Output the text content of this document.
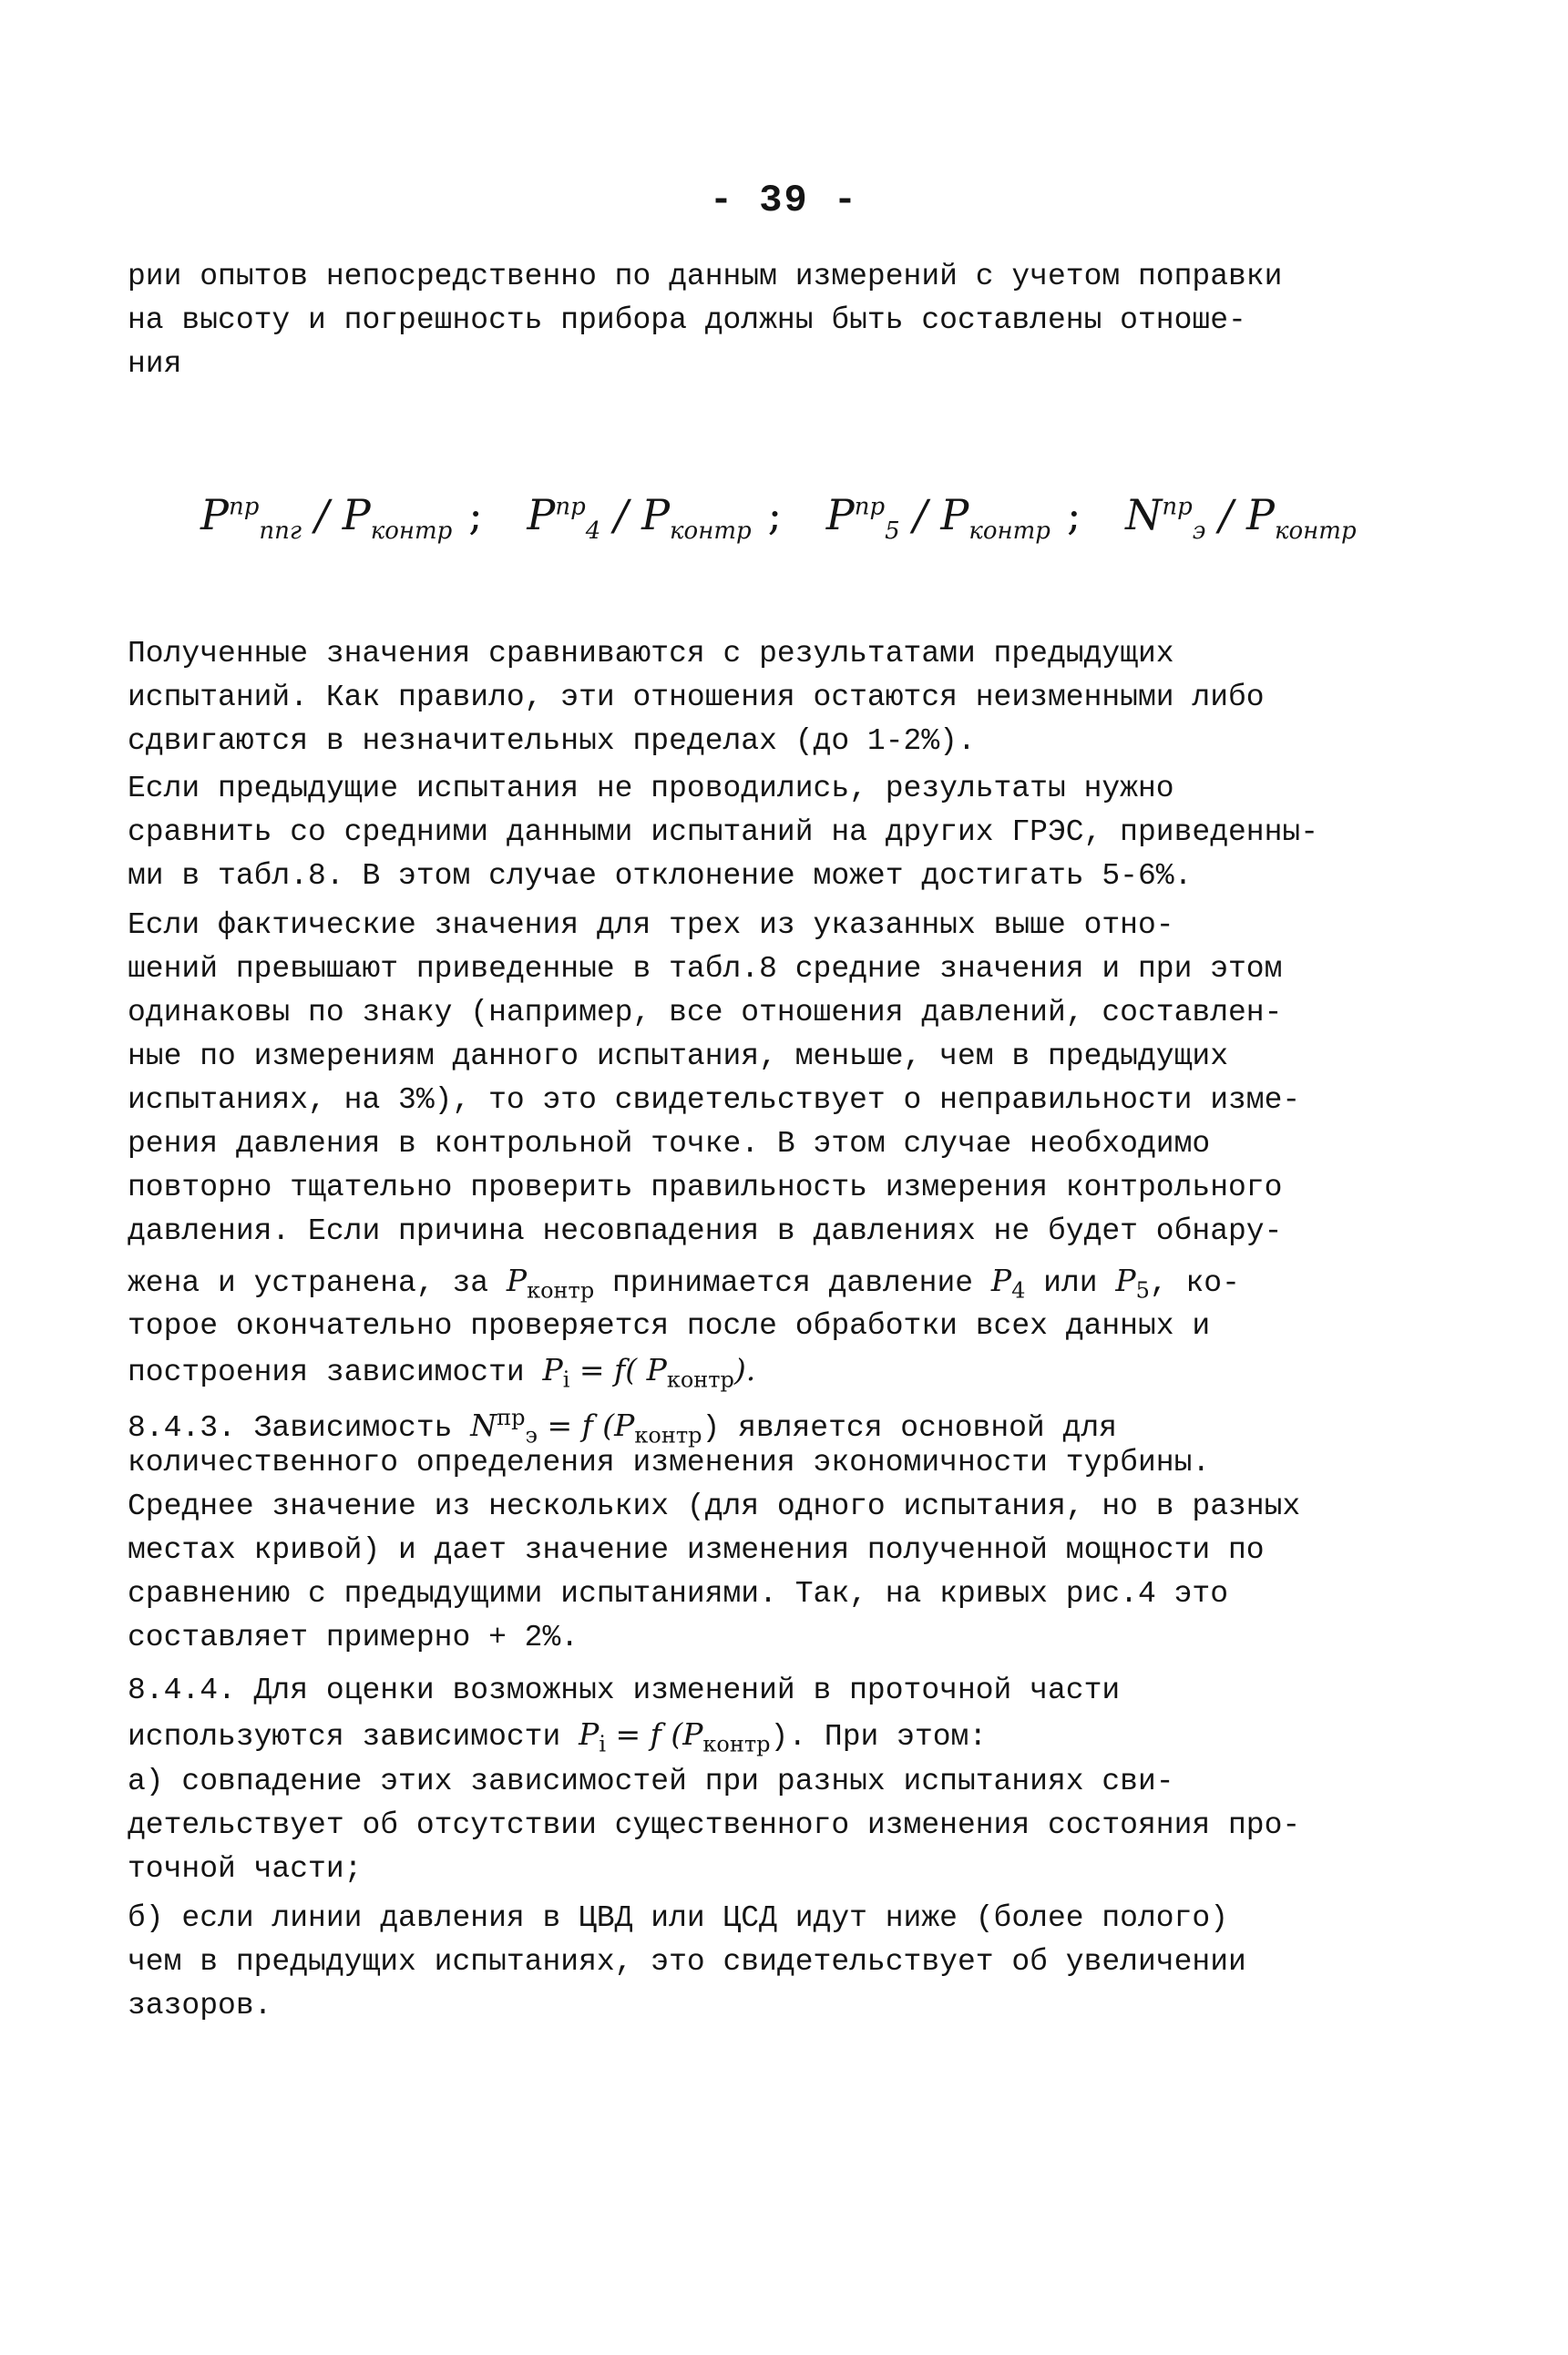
- 39 -
рии опытов непосредственно по данным измерений с учетом поправки
на высоту и погрешность прибора должны быть составлены отноше-
ния
$P^{пр}_{ппг} / P_{контр}$ ; $P^{пр}_4 / P_{контр}$ ; $P^{пр}_5 / P_{контр}$ ; $N^{пр}_э / P_{контр}$
Полученные значения сравниваются с результатами предыдущих
испытаний. Как правило, эти отношения остаются неизменными либо
сдвигаются в незначительных пределах (до 1-2%).
Если предыдущие испытания не проводились, результаты нужно
сравнить со средними данными испытаний на других ГРЭС, приведенны-
ми в табл.8. В этом случае отклонение может достигать 5-6%.
Если фактические значения для трех из указанных выше отно-
шений превышают приведенные в табл.8 средние значения и при этом
одинаковы по знаку (например, все отношения давлений, составлен-
ные по измерениям данного испытания, меньше, чем в предыдущих
испытаниях, на 3%), то это свидетельствует о неправильности изме-
рения давления в контрольной точке. В этом случае необходимо
повторно тщательно проверить правильность измерения контрольного
давления. Если причина несовпадения в давлениях не будет обнару-
жена и устранена, за $P_{контр}$ принимается давление $P_4$ или $P_5$, ко-
торое окончательно проверяется после обработки всех данных и
построения зависимости $P_i = f$( $P_{контр}$).
8.4.3. Зависимость $N^{пр}_э = f$ $(P_{контр})$ является основной для
количественного определения изменения экономичности турбины.
Среднее значение из нескольких (для одного испытания, но в разных
местах кривой) и дает значение изменения полученной мощности по
сравнению с предыдущими испытаниями. Так, на кривых рис.4 это
составляет примерно + 2%.
8.4.4. Для оценки возможных изменений в проточной части
используются зависимости $P_i = f$ $(P_{контр})$. При этом:
а) совпадение этих зависимостей при разных испытаниях сви-
детельствует об отсутствии существенного изменения состояния про-
точной части;
б) если линии давления в ЦВД или ЦСД идут ниже (более пологo)
чем в предыдущих испытаниях, это свидетельствует об увеличении
зазоров.
